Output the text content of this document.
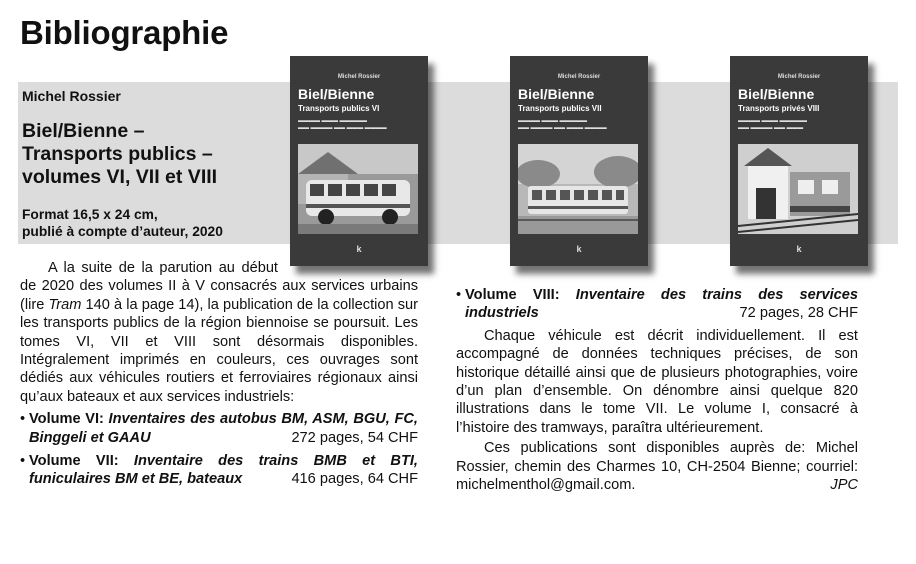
Bibliographie
Michel Rossier
Biel/Bienne –
Transports publics –
volumes VI, VII et VIII
Format 16,5 x 24 cm,
publié à compte d’auteur, 2020
Michel Rossier
Biel/Bienne
Transports publics VI
▬▬▬▬ ▬▬▬ ▬▬▬▬▬
▬▬ ▬▬▬▬ ▬▬ ▬▬▬ ▬▬▬▬
k
Michel Rossier
Biel/Bienne
Transports publics VII
▬▬▬▬ ▬▬▬ ▬▬▬▬▬
▬▬ ▬▬▬▬ ▬▬ ▬▬▬ ▬▬▬▬
k
Michel Rossier
Biel/Bienne
Transports privés VIII
▬▬▬▬ ▬▬▬ ▬▬▬▬▬
▬▬ ▬▬▬▬ ▬▬ ▬▬▬
k

A la suite de la parution au début de 2020 des volumes II à V consacrés aux services urbains (lire Tram 140 à la page 14), la publication de la collection sur les transports publics de la région biennoise se poursuit. Les tomes VI, VII et VIII sont désormais disponibles. Intégralement imprimés en couleurs, ces ouvrages sont dédiés aux véhicules routiers et ferroviaires régionaux ainsi qu’aux bateaux et aux services industriels:

• Volume VI: Inventaires des autobus BM, ASM, BGU, FC, Binggeli et GAAU	272 pages, 54 CHF
• Volume VII: Inventaire des trains BMB et BTI, funiculaires BM et BE, bateaux	416 pages, 64 CHF
• Volume VIII: Inventaire des trains des services industriels	72 pages, 28 CHF

Chaque véhicule est décrit individuellement. Il est accompagné de données techniques précises, de son historique détaillé ainsi que de plusieurs photographies, voire d’un plan d’ensemble. On dénombre ainsi quelque 820 illustrations dans le tome VII. Le volume I, consacré à l’histoire des tramways, paraîtra ultérieurement.

Ces publications sont disponibles auprès de: Michel Rossier, chemin des Charmes 10, CH-2504 Bienne; courriel: michelmenthol@gmail.com.	JPC
